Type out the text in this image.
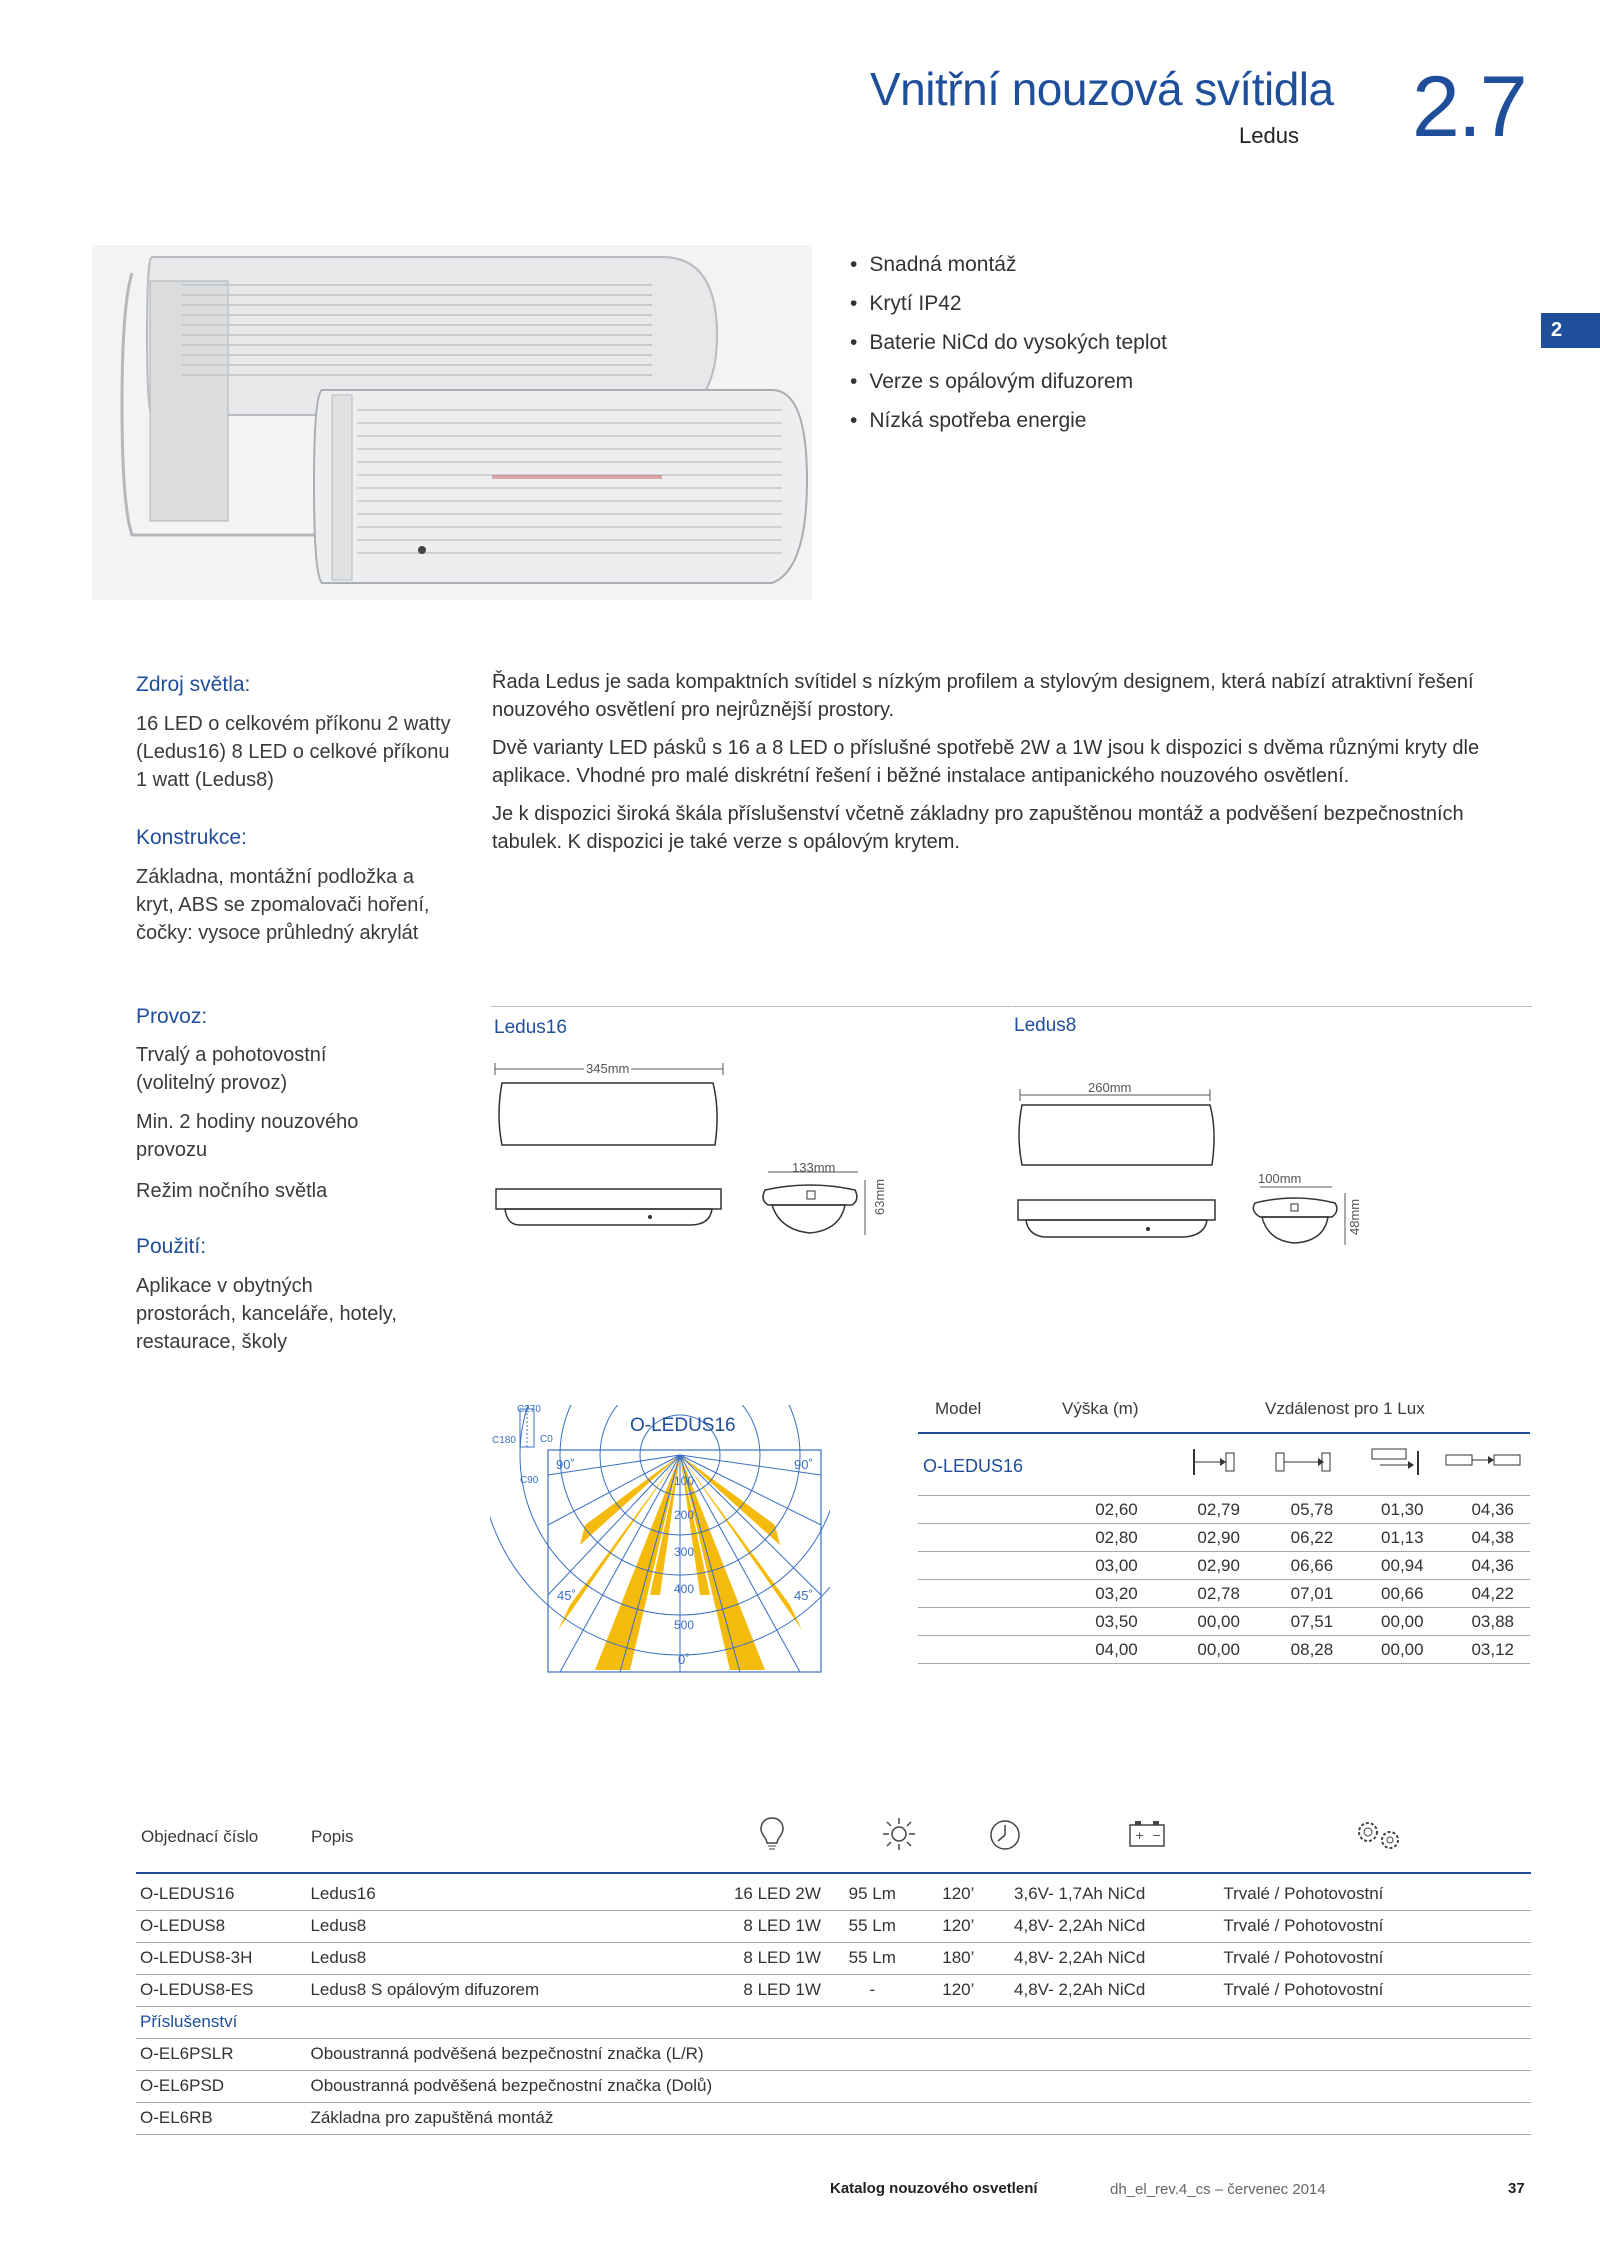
Vnitřní nouzová svítidla
Ledus 2.7
2
• Snadná montáž
• Krytí IP42
• Baterie NiCd do vysokých teplot
• Verze s opálovým difuzorem
• Nízká spotřeba energie
Zdroj světla:

16 LED o celkovém příkonu 2 watty (Ledus16) 8 LED o celkové příkonu 1 watt (Ledus8)

Konstrukce:

Základna, montážní podložka a kryt, ABS se zpomalovači hoření, čočky: vysoce průhledný akrylát

Provoz:

Trvalý a pohotovostní (volitelný provoz)

Min. 2 hodiny nouzového provozu

Režim nočního světla

Použití:

Aplikace v obytných prostorách, kanceláře, hotely, restaurace, školy

Řada Ledus je sada kompaktních svítidel s nízkým profilem a stylovým designem, která nabízí atraktivní řešení nouzového osvětlení pro nejrůznější prostory.

Dvě varianty LED pásků s 16 a 8 LED o příslušné spotřebě 2W a 1W jsou k dispozici s dvěma různými kryty dle aplikace. Vhodné pro malé diskrétní řešení i běžné instalace antipanického nouzového osvětlení.

Je k dispozici široká škála příslušenství včetně základny pro zapuštěnou montáž a podvěšení bezpečnostních tabulek. K dispozici je také verze s opálovým krytem.

Ledus16	Ledus8
345mm
133mm
63mm
260mm
100mm
48mm
O-LEDUS16
C270
C180 C0
C90
90˚	90˚
45˚	45˚
0˚
100
200
300
400
500
Model	Výška (m)	Vzdálenost pro 1 Lux
O-LEDUS16
02,60	02,79	05,78	01,30	04,36
02,80	02,90	06,22	01,13	04,38
03,00	02,90	06,66	00,94	04,36
03,20	02,78	07,01	00,66	04,22
03,50	00,00	07,51	00,00	03,88
04,00	00,00	08,28	00,00	03,12
Objednací číslo	Popis	+ −
O-LEDUS16	Ledus16	16 LED 2W	95 Lm	120’	3,6V- 1,7Ah NiCd	Trvalé / Pohotovostní
O-LEDUS8	Ledus8	8 LED 1W	55 Lm	120’	4,8V- 2,2Ah NiCd	Trvalé / Pohotovostní
O-LEDUS8-3H	Ledus8	8 LED 1W	55 Lm	180’	4,8V- 2,2Ah NiCd	Trvalé / Pohotovostní
O-LEDUS8-ES	Ledus8 S opálovým difuzorem	8 LED 1W	-	120’	4,8V- 2,2Ah NiCd	Trvalé / Pohotovostní
Příslušenství						
O-EL6PSLR	Oboustranná podvěšená bezpečnostní značka (L/R)					
O-EL6PSD	Oboustranná podvěšená bezpečnostní značka (Dolů)					
O-EL6RB	Základna pro zapuštěná montáž					
Katalog nouzového osvetlení	dh_el_rev.4_cs – červenec 2014	37
